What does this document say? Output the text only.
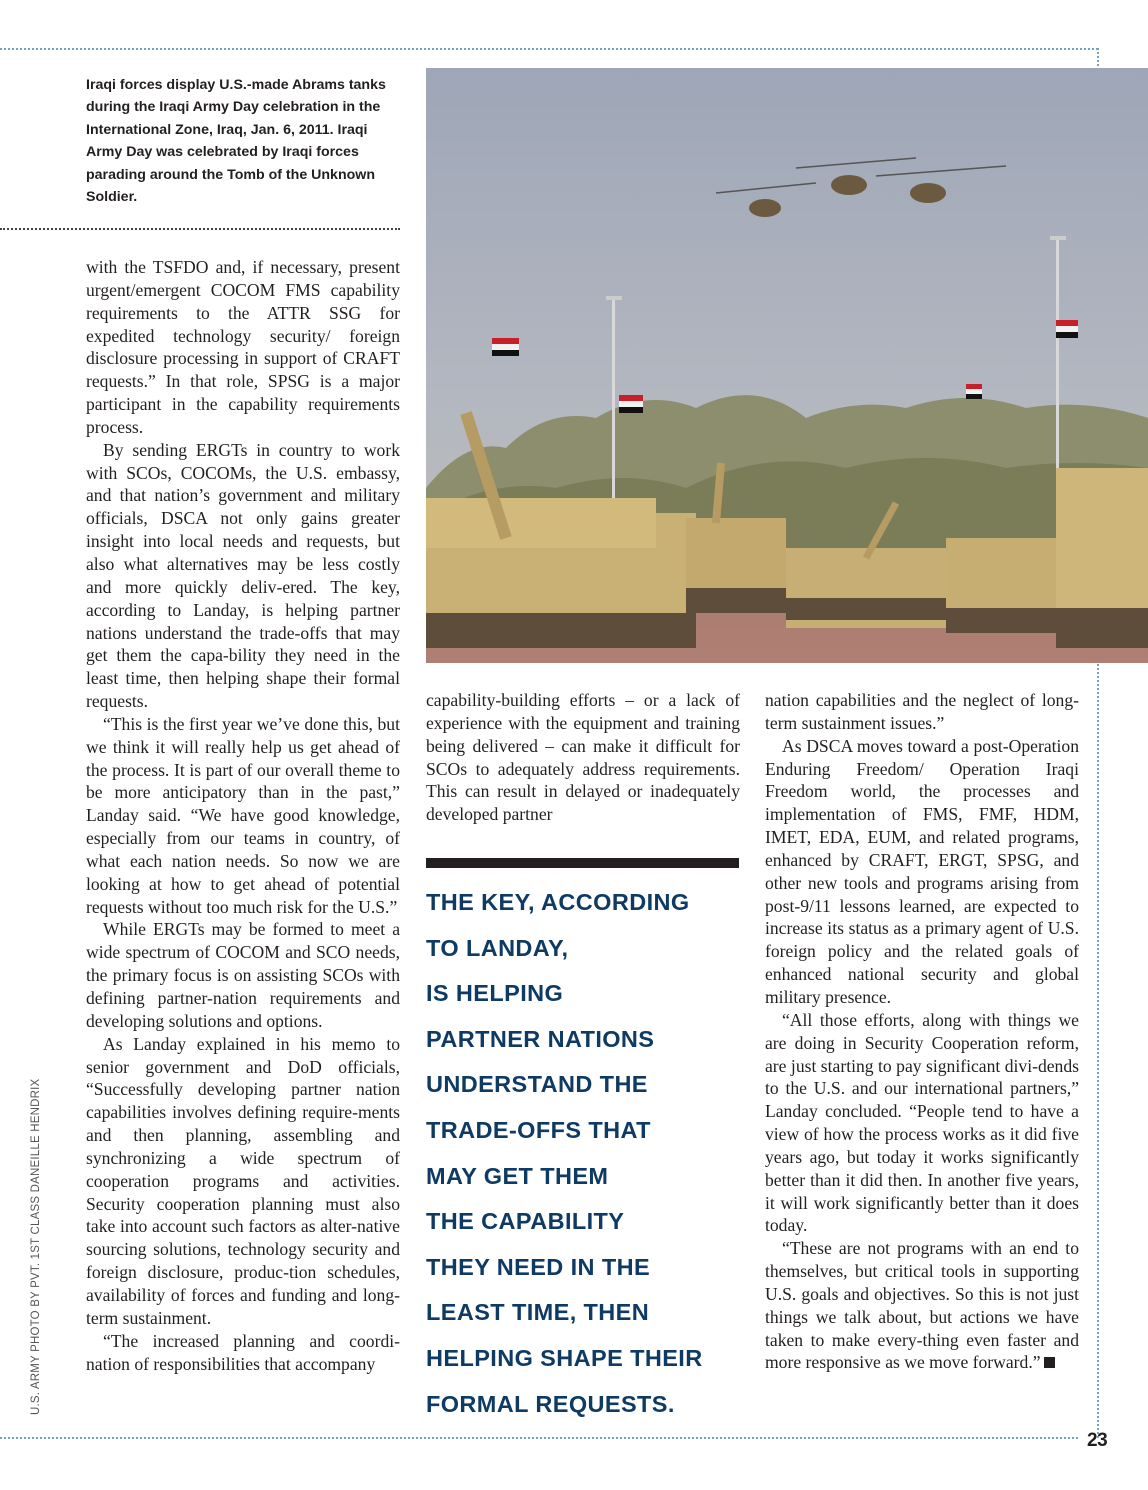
Iraqi forces display U.S.-made Abrams tanks during the Iraqi Army Day celebration in the International Zone, Iraq, Jan. 6, 2011. Iraqi Army Day was celebrated by Iraqi forces parading around the Tomb of the Unknown Soldier.

with the TSFDO and, if necessary, present urgent/emergent COCOM FMS capability requirements to the ATTR SSG for expedited technology security/ foreign disclosure processing in support of CRAFT requests.” In that role, SPSG is a major participant in the capability requirements process.

By sending ERGTs in country to work with SCOs, COCOMs, the U.S. embassy, and that nation’s government and military officials, DSCA not only gains greater insight into local needs and requests, but also what alternatives may be less costly and more quickly deliv-ered. The key, according to Landay, is helping partner nations understand the trade-offs that may get them the capa-bility they need in the least time, then helping shape their formal requests.

“This is the first year we’ve done this, but we think it will really help us get ahead of the process. It is part of our overall theme to be more anticipatory than in the past,” Landay said. “We have good knowledge, especially from our teams in country, of what each nation needs. So now we are looking at how to get ahead of potential requests without too much risk for the U.S.”

While ERGTs may be formed to meet a wide spectrum of COCOM and SCO needs, the primary focus is on assisting SCOs with defining partner-nation requirements and developing solutions and options.

As Landay explained in his memo to senior government and DoD officials, “Successfully developing partner nation capabilities involves defining require-ments and then planning, assembling and synchronizing a wide spectrum of cooperation programs and activities. Security cooperation planning must also take into account such factors as alter-native sourcing solutions, technology security and foreign disclosure, produc-tion schedules, availability of forces and funding and long-term sustainment.

“The increased planning and coordi-nation of responsibilities that accompany

capability-building efforts – or a lack of experience with the equipment and training being delivered – can make it difficult for SCOs to adequately address requirements. This can result in delayed or inadequately developed partner

nation capabilities and the neglect of long-term sustainment issues.”

As DSCA moves toward a post-Operation Enduring Freedom/ Operation Iraqi Freedom world, the processes and implementation of FMS, FMF, HDM, IMET, EDA, EUM, and related programs, enhanced by CRAFT, ERGT, SPSG, and other new tools and programs arising from post-9/11 lessons learned, are expected to increase its status as a primary agent of U.S. foreign policy and the related goals of enhanced national security and global military presence.

“All those efforts, along with things we are doing in Security Cooperation reform, are just starting to pay significant divi-dends to the U.S. and our international partners,” Landay concluded. “People tend to have a view of how the process works as it did five years ago, but today it works significantly better than it did then. In another five years, it will work significantly better than it does today.

“These are not programs with an end to themselves, but critical tools in supporting U.S. goals and objectives. So this is not just things we talk about, but actions we have taken to make every-thing even faster and more responsive as we move forward.”

THE KEY, ACCORDING
TO LANDAY,
IS HELPING
PARTNER NATIONS
UNDERSTAND THE
TRADE-OFFS THAT
MAY GET THEM
THE CAPABILITY
THEY NEED IN THE
LEAST TIME, THEN
HELPING SHAPE THEIR
FORMAL REQUESTS.
U.S. ARMY PHOTO BY PVT. 1ST CLASS DANEILLE HENDRIX
23
